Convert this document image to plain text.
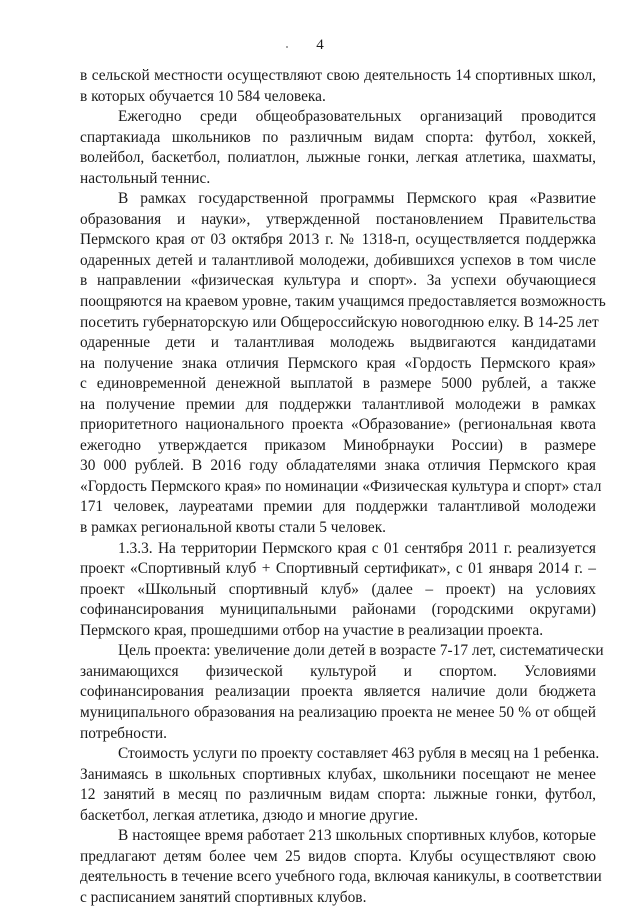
4
в сельской местности осуществляют свою деятельность 14 спортивных школ,
в которых обучается 10 584 человека.
Ежегодно среди общеобразовательных организаций проводится
спартакиада школьников по различным видам спорта: футбол, хоккей,
волейбол, баскетбол, полиатлон, лыжные гонки, легкая атлетика, шахматы,
настольный теннис.
В рамках государственной программы Пермского края «Развитие
образования и науки», утвержденной постановлением Правительства
Пермского края от 03 октября 2013 г. № 1318-п, осуществляется поддержка
одаренных детей и талантливой молодежи, добившихся успехов в том числе
в направлении «физическая культура и спорт». За успехи обучающиеся
поощряются на краевом уровне, таким учащимся предоставляется возможность
посетить губернаторскую или Общероссийскую новогоднюю елку. В 14-25 лет
одаренные дети и талантливая молодежь выдвигаются кандидатами
на получение знака отличия Пермского края «Гордость Пермского края»
с единовременной денежной выплатой в размере 5000 рублей, а также
на получение премии для поддержки талантливой молодежи в рамках
приоритетного национального проекта «Образование» (региональная квота
ежегодно утверждается приказом Минобрнауки России) в размере
30 000 рублей. В 2016 году обладателями знака отличия Пермского края
«Гордость Пермского края» по номинации «Физическая культура и спорт» стал
171 человек, лауреатами премии для поддержки талантливой молодежи
в рамках региональной квоты стали 5 человек.
1.3.3. На территории Пермского края с 01 сентября 2011 г. реализуется
проект «Спортивный клуб + Спортивный сертификат», с 01 января 2014 г. –
проект «Школьный спортивный клуб» (далее – проект) на условиях
софинансирования муниципальными районами (городскими округами)
Пермского края, прошедшими отбор на участие в реализации проекта.
Цель проекта: увеличение доли детей в возрасте 7-17 лет, систематически
занимающихся физической культурой и спортом. Условиями
софинансирования реализации проекта является наличие доли бюджета
муниципального образования на реализацию проекта не менее 50 % от общей
потребности.
Стоимость услуги по проекту составляет 463 рубля в месяц на 1 ребенка.
Занимаясь в школьных спортивных клубах, школьники посещают не менее
12 занятий в месяц по различным видам спорта: лыжные гонки, футбол,
баскетбол, легкая атлетика, дзюдо и многие другие.
В настоящее время работает 213 школьных спортивных клубов, которые
предлагают детям более чем 25 видов спорта. Клубы осуществляют свою
деятельность в течение всего учебного года, включая каникулы, в соответствии
с расписанием занятий спортивных клубов.
